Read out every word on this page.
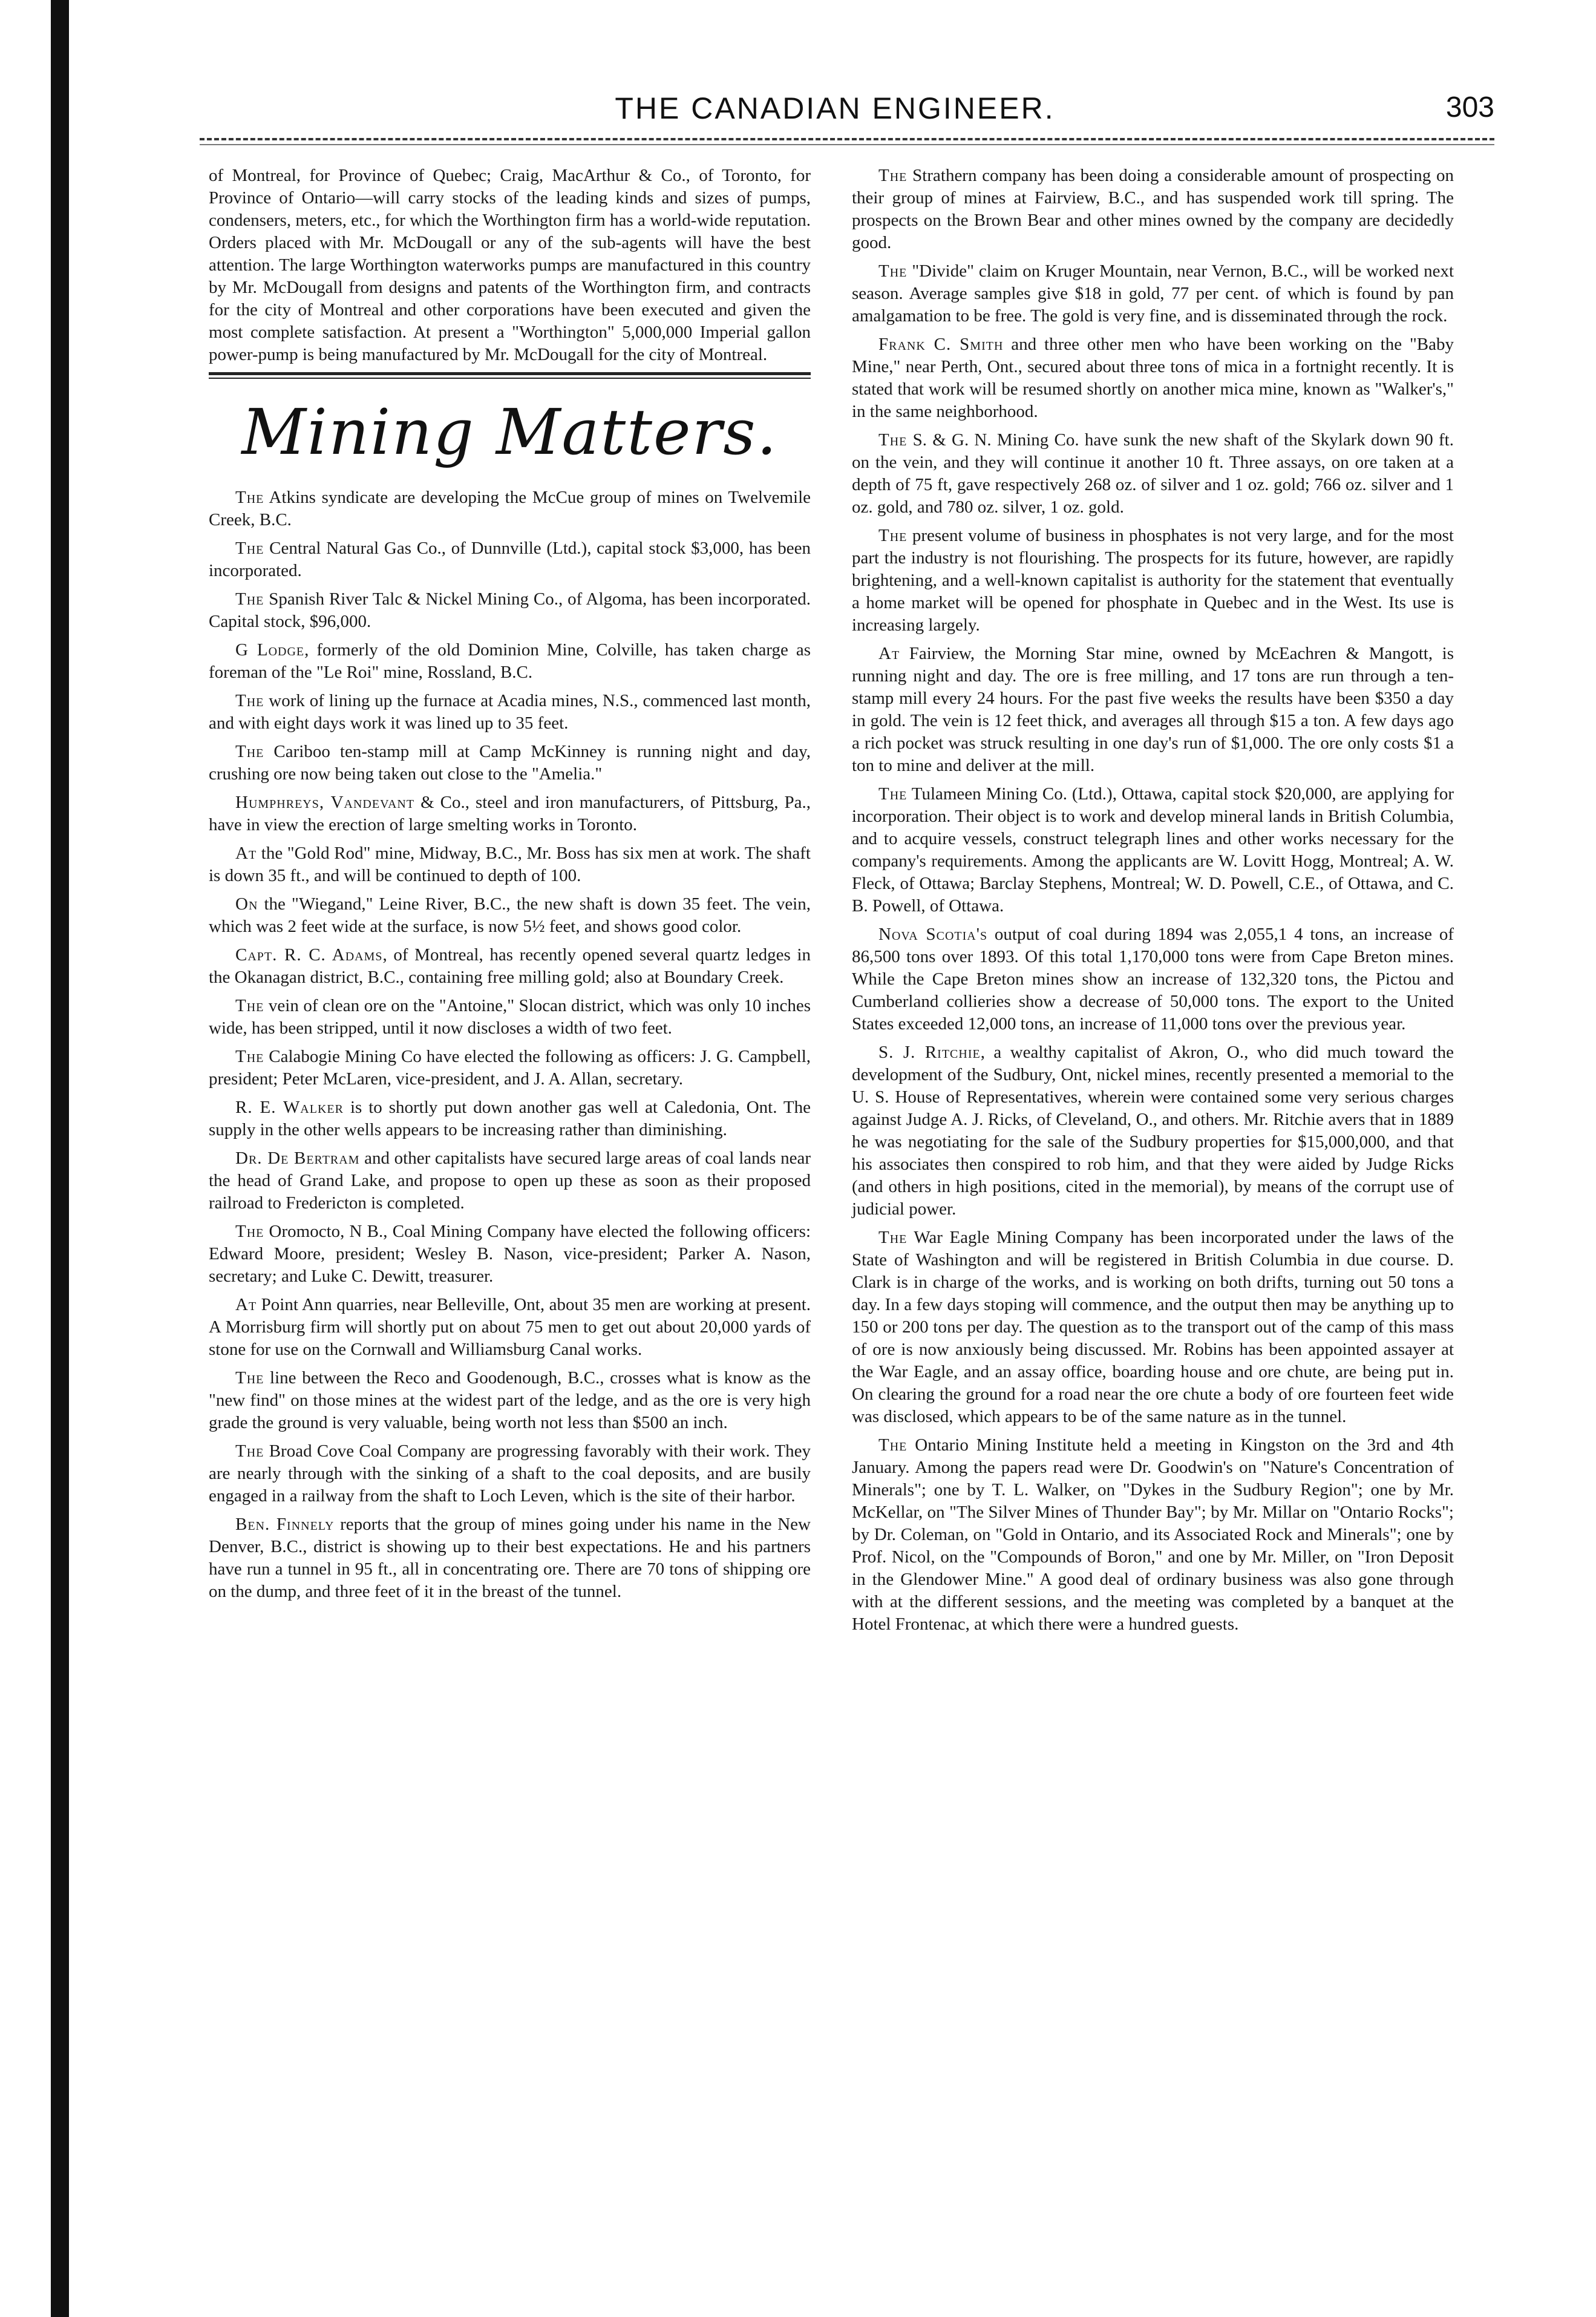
THE CANADIAN ENGINEER.	303

of Montreal, for Province of Quebec; Craig, MacArthur & Co., of Toronto, for Province of Ontario—will carry stocks of the leading kinds and sizes of pumps, condensers, meters, etc., for which the Worthington firm has a world-wide reputation. Orders placed with Mr. McDougall or any of the sub-agents will have the best attention. The large Worthington waterworks pumps are manufactured in this country by Mr. McDougall from designs and patents of the Worthington firm, and contracts for the city of Montreal and other corporations have been executed and given the most complete satisfaction. At present a "Worthington" 5,000,000 Imperial gallon power-pump is being manufactured by Mr. McDougall for the city of Montreal.

Mining Matters.

The Atkins syndicate are developing the McCue group of mines on Twelvemile Creek, B.C.

The Central Natural Gas Co., of Dunnville (Ltd.), capital stock $3,000, has been incorporated.

The Spanish River Talc & Nickel Mining Co., of Algoma, has been incorporated. Capital stock, $96,000.

G Lodge, formerly of the old Dominion Mine, Colville, has taken charge as foreman of the "Le Roi" mine, Rossland, B.C.

The work of lining up the furnace at Acadia mines, N.S., commenced last month, and with eight days work it was lined up to 35 feet.

The Cariboo ten-stamp mill at Camp McKinney is running night and day, crushing ore now being taken out close to the "Amelia."

Humphreys, Vandevant & Co., steel and iron manufacturers, of Pittsburg, Pa., have in view the erection of large smelting works in Toronto.

At the "Gold Rod" mine, Midway, B.C., Mr. Boss has six men at work. The shaft is down 35 ft., and will be continued to depth of 100.

On the "Wiegand," Leine River, B.C., the new shaft is down 35 feet. The vein, which was 2 feet wide at the surface, is now 5½ feet, and shows good color.

Capt. R. C. Adams, of Montreal, has recently opened several quartz ledges in the Okanagan district, B.C., containing free milling gold; also at Boundary Creek.

The vein of clean ore on the "Antoine," Slocan district, which was only 10 inches wide, has been stripped, until it now discloses a width of two feet.

The Calabogie Mining Co have elected the following as officers: J. G. Campbell, president; Peter McLaren, vice-president, and J. A. Allan, secretary.

R. E. Walker is to shortly put down another gas well at Caledonia, Ont. The supply in the other wells appears to be increasing rather than diminishing.

Dr. De Bertram and other capitalists have secured large areas of coal lands near the head of Grand Lake, and propose to open up these as soon as their proposed railroad to Fredericton is completed.

The Oromocto, N B., Coal Mining Company have elected the following officers: Edward Moore, president; Wesley B. Nason, vice-president; Parker A. Nason, secretary; and Luke C. Dewitt, treasurer.

At Point Ann quarries, near Belleville, Ont, about 35 men are working at present. A Morrisburg firm will shortly put on about 75 men to get out about 20,000 yards of stone for use on the Cornwall and Williamsburg Canal works.

The line between the Reco and Goodenough, B.C., crosses what is know as the "new find" on those mines at the widest part of the ledge, and as the ore is very high grade the ground is very valuable, being worth not less than $500 an inch.

The Broad Cove Coal Company are progressing favorably with their work. They are nearly through with the sinking of a shaft to the coal deposits, and are busily engaged in a railway from the shaft to Loch Leven, which is the site of their harbor.

Ben. Finnely reports that the group of mines going under his name in the New Denver, B.C., district is showing up to their best expectations. He and his partners have run a tunnel in 95 ft., all in concentrating ore. There are 70 tons of shipping ore on the dump, and three feet of it in the breast of the tunnel.

The Strathern company has been doing a considerable amount of prospecting on their group of mines at Fairview, B.C., and has suspended work till spring. The prospects on the Brown Bear and other mines owned by the company are decidedly good.

The "Divide" claim on Kruger Mountain, near Vernon, B.C., will be worked next season. Average samples give $18 in gold, 77 per cent. of which is found by pan amalgamation to be free. The gold is very fine, and is disseminated through the rock.

Frank C. Smith and three other men who have been working on the "Baby Mine," near Perth, Ont., secured about three tons of mica in a fortnight recently. It is stated that work will be resumed shortly on another mica mine, known as "Walker's," in the same neighborhood.

The S. & G. N. Mining Co. have sunk the new shaft of the Skylark down 90 ft. on the vein, and they will continue it another 10 ft. Three assays, on ore taken at a depth of 75 ft, gave respectively 268 oz. of silver and 1 oz. gold; 766 oz. silver and 1 oz. gold, and 780 oz. silver, 1 oz. gold.

The present volume of business in phosphates is not very large, and for the most part the industry is not flourishing. The prospects for its future, however, are rapidly brightening, and a well-known capitalist is authority for the statement that eventually a home market will be opened for phosphate in Quebec and in the West. Its use is increasing largely.

At Fairview, the Morning Star mine, owned by McEachren & Mangott, is running night and day. The ore is free milling, and 17 tons are run through a ten-stamp mill every 24 hours. For the past five weeks the results have been $350 a day in gold. The vein is 12 feet thick, and averages all through $15 a ton. A few days ago a rich pocket was struck resulting in one day's run of $1,000. The ore only costs $1 a ton to mine and deliver at the mill.

The Tulameen Mining Co. (Ltd.), Ottawa, capital stock $20,000, are applying for incorporation. Their object is to work and develop mineral lands in British Columbia, and to acquire vessels, construct telegraph lines and other works necessary for the company's requirements. Among the applicants are W. Lovitt Hogg, Montreal; A. W. Fleck, of Ottawa; Barclay Stephens, Montreal; W. D. Powell, C.E., of Ottawa, and C. B. Powell, of Ottawa.

Nova Scotia's output of coal during 1894 was 2,055,1 4 tons, an increase of 86,500 tons over 1893. Of this total 1,170,000 tons were from Cape Breton mines. While the Cape Breton mines show an increase of 132,320 tons, the Pictou and Cumberland collieries show a decrease of 50,000 tons. The export to the United States exceeded 12,000 tons, an increase of 11,000 tons over the previous year.

S. J. Ritchie, a wealthy capitalist of Akron, O., who did much toward the development of the Sudbury, Ont, nickel mines, recently presented a memorial to the U. S. House of Representatives, wherein were contained some very serious charges against Judge A. J. Ricks, of Cleveland, O., and others. Mr. Ritchie avers that in 1889 he was negotiating for the sale of the Sudbury properties for $15,000,000, and that his associates then conspired to rob him, and that they were aided by Judge Ricks (and others in high positions, cited in the memorial), by means of the corrupt use of judicial power.

The War Eagle Mining Company has been incorporated under the laws of the State of Washington and will be registered in British Columbia in due course. D. Clark is in charge of the works, and is working on both drifts, turning out 50 tons a day. In a few days stoping will commence, and the output then may be anything up to 150 or 200 tons per day. The question as to the transport out of the camp of this mass of ore is now anxiously being discussed. Mr. Robins has been appointed assayer at the War Eagle, and an assay office, boarding house and ore chute, are being put in. On clearing the ground for a road near the ore chute a body of ore fourteen feet wide was disclosed, which appears to be of the same nature as in the tunnel.

The Ontario Mining Institute held a meeting in Kingston on the 3rd and 4th January. Among the papers read were Dr. Goodwin's on "Nature's Concentration of Minerals"; one by T. L. Walker, on "Dykes in the Sudbury Region"; one by Mr. McKellar, on "The Silver Mines of Thunder Bay"; by Mr. Millar on "Ontario Rocks"; by Dr. Coleman, on "Gold in Ontario, and its Associated Rock and Minerals"; one by Prof. Nicol, on the "Compounds of Boron," and one by Mr. Miller, on "Iron Deposit in the Glendower Mine." A good deal of ordinary business was also gone through with at the different sessions, and the meeting was completed by a banquet at the Hotel Frontenac, at which there were a hundred guests.
